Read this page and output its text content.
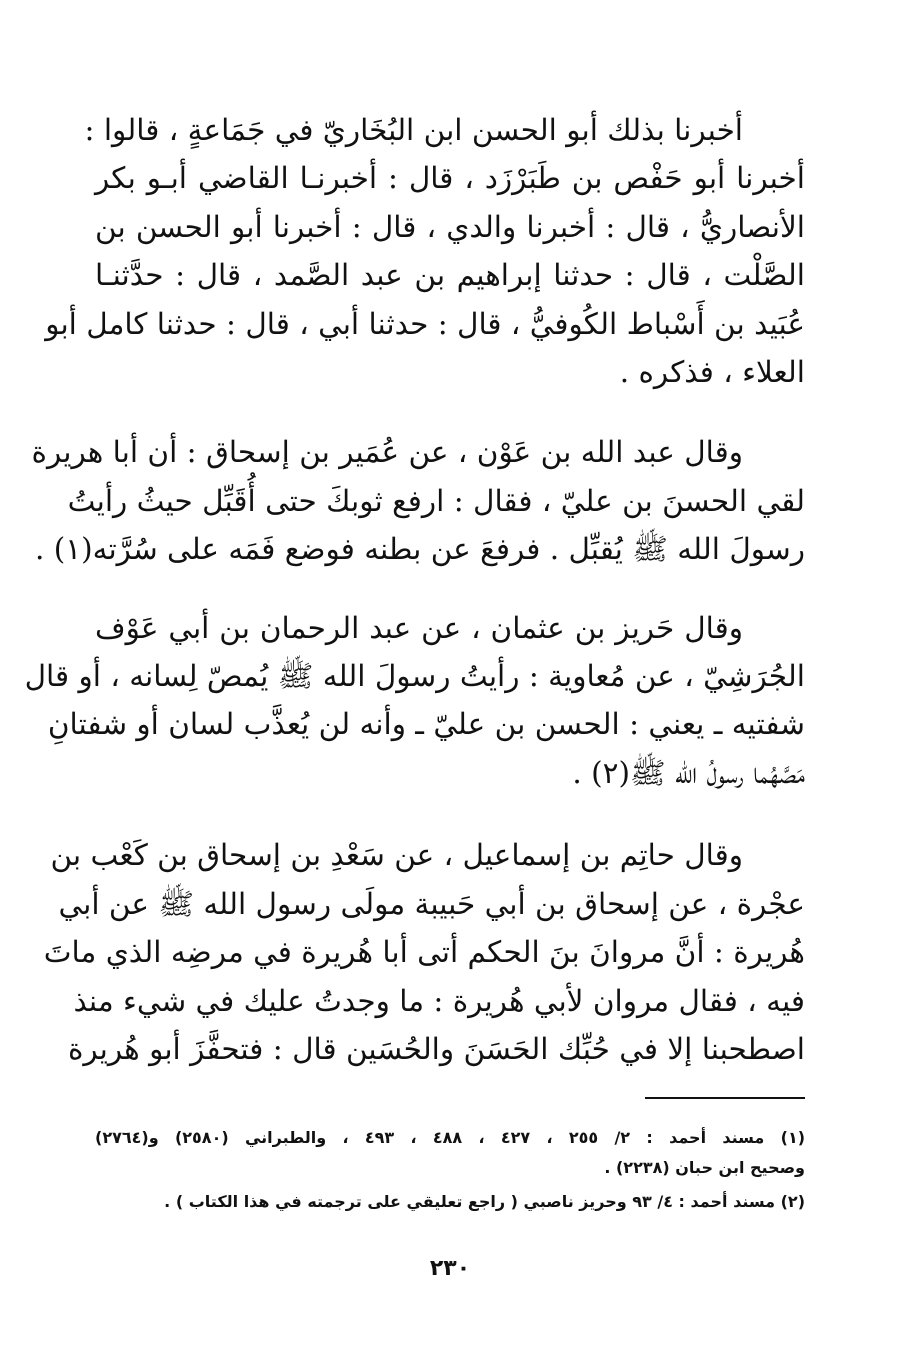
أخبرنا بذلك أبو الحسن ابن البُخَاريّ في جَمَاعةٍ ، قالوا :
أخبرنا أبو حَفْص بن طَبَرْزَد ، قال : أخبرنـا القاضي أبـو بكر
الأنصاريُّ ، قال : أخبرنا والدي ، قال : أخبرنا أبو الحسن بن
الصَّلْت ، قال : حدثنا إبراهيم بن عبد الصَّمد ، قال : حدَّثنـا
عُبَيد بن أَسْباط الكُوفيُّ ، قال : حدثنا أبي ، قال : حدثنا كامل أبو
العلاء ، فذكره .
وقال عبد الله بن عَوْن ، عن عُمَير بن إسحاق : أن أبا هريرة
لقي الحسنَ بن عليّ ، فقال : ارفع ثوبكَ حتى أُقَبِّل حيثُ رأيتُ
رسولَ الله ﷺ يُقبِّل . فرفعَ عن بطنه فوضع فَمَه على سُرَّته(١) .
وقال حَريز بن عثمان ، عن عبد الرحمان بن أبي عَوْف
الجُرَشِيّ ، عن مُعاوية : رأيتُ رسولَ الله ﷺ يُمصّ لِسانه ، أو قال
شفتيه ـ يعني : الحسن بن عليّ ـ وأنه لن يُعذَّب لسان أو شفتانِ
مَصَّهُما رسولُ الله ﷺ(٢) .
وقال حاتِم بن إسماعيل ، عن سَعْدِ بن إسحاق بن كَعْب بن
عجْرة ، عن إسحاق بن أبي حَبيبة مولَى رسول الله ﷺ عن أبي
هُريرة : أنَّ مروانَ بنَ الحكم أتى أبا هُريرة في مرضِه الذي ماتَ
فيه ، فقال مروان لأبي هُريرة : ما وجدتُ عليك في شيء منذ
اصطحبنا إلا في حُبِّك الحَسَنَ والحُسَين قال : فتحفَّزَ أبو هُريرة
(١) مسند أحمد : ٢/ ٢٥٥ ، ٤٢٧ ، ٤٨٨ ، ٤٩٣ ، والطبراني (٢٥٨٠) و(٢٧٦٤)
وصحيح ابن حبان (٢٢٣٨) .
(٢) مسند أحمد : ٤/ ٩٣ وحريز ناصبي ( راجع تعليقي على ترجمته في هذا الكتاب ) .
٢٣٠
